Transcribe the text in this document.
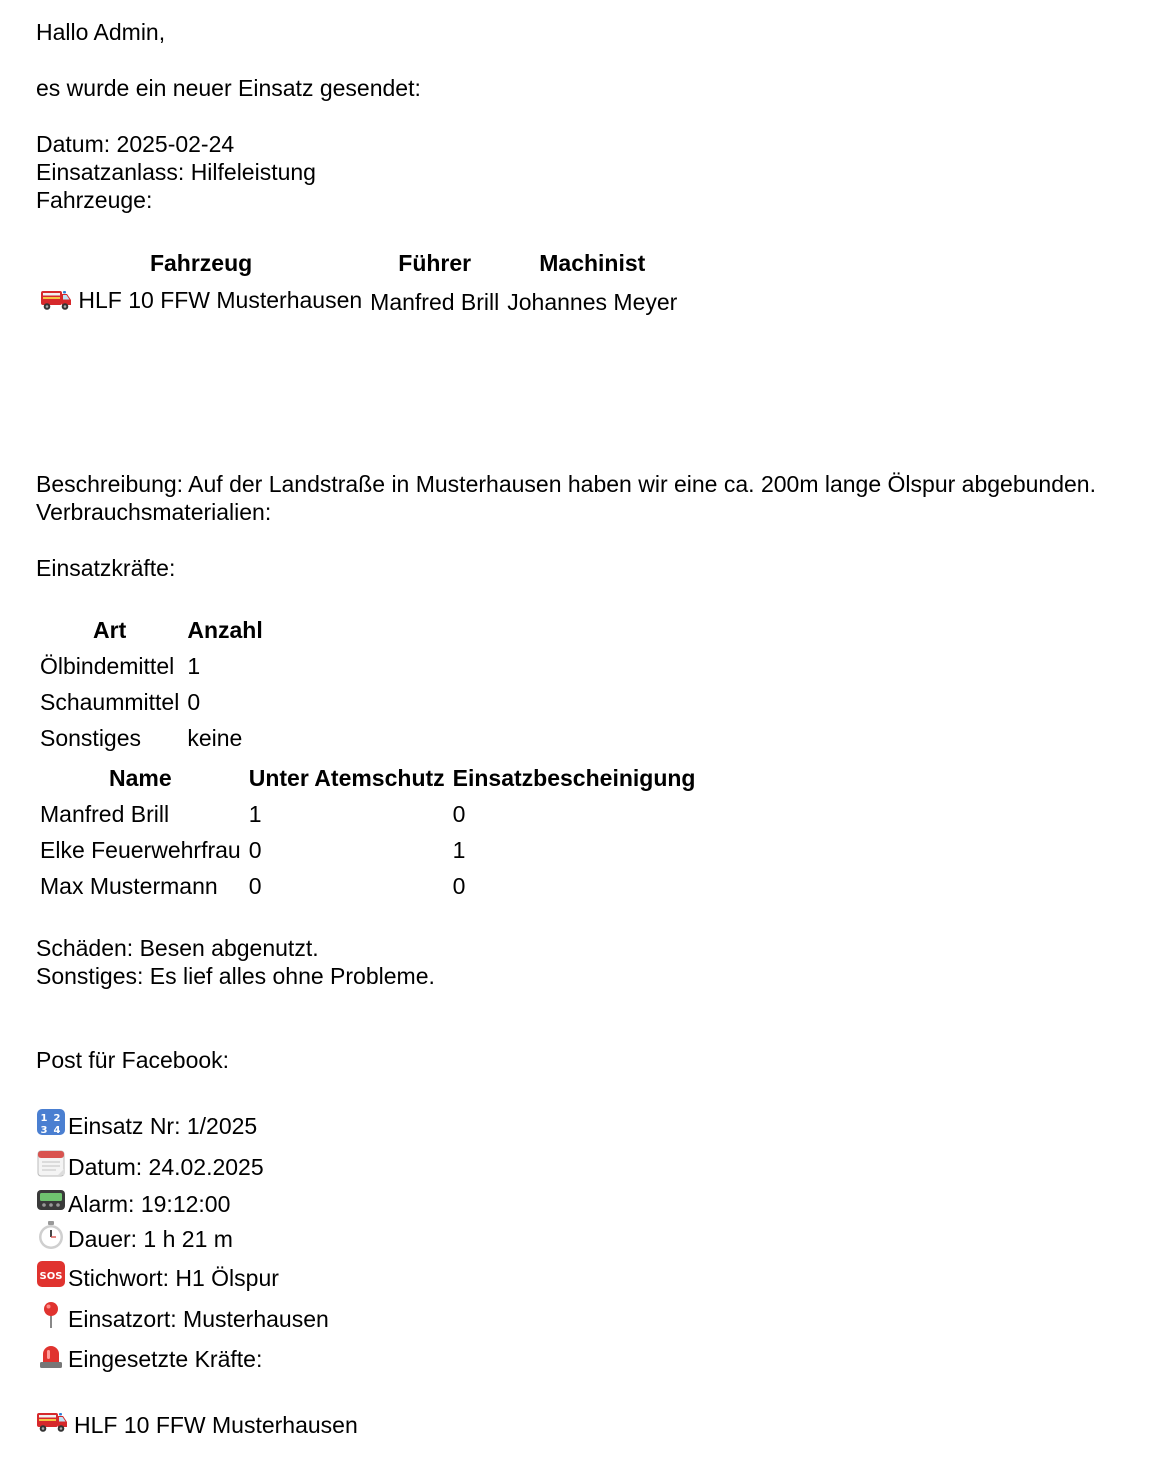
Hallo Admin,
es wurde ein neuer Einsatz gesendet:
Datum: 2025-02-24
Einsatzanlass: Hilfeleistung
Fahrzeuge:
Fahrzeug	Führer	Machinist
HLF 10 FFW Musterhausen	Manfred Brill	Johannes Meyer
Beschreibung: Auf der Landstraße in Musterhausen haben wir eine ca. 200m lange Ölspur abgebunden.
Verbrauchsmaterialien:
Einsatzkräfte:
Art	Anzahl
Ölbindemittel	1
Schaummittel	0
Sonstiges	keine
Name	Unter Atemschutz	Einsatzbescheinigung
Manfred Brill	1	0
Elke Feuerwehrfrau	0	1
Max Mustermann	0	0
Schäden: Besen abgenutzt.
Sonstiges: Es lief alles ohne Probleme.
Post für Facebook:
1 2
3 4 Einsatz Nr: 1/2025
Datum: 24.02.2025
Alarm: 19:12:00
Dauer: 1 h 21 m
SOS Stichwort: H1 Ölspur
Einsatzort: Musterhausen
Eingesetzte Kräfte:
HLF 10 FFW Musterhausen
